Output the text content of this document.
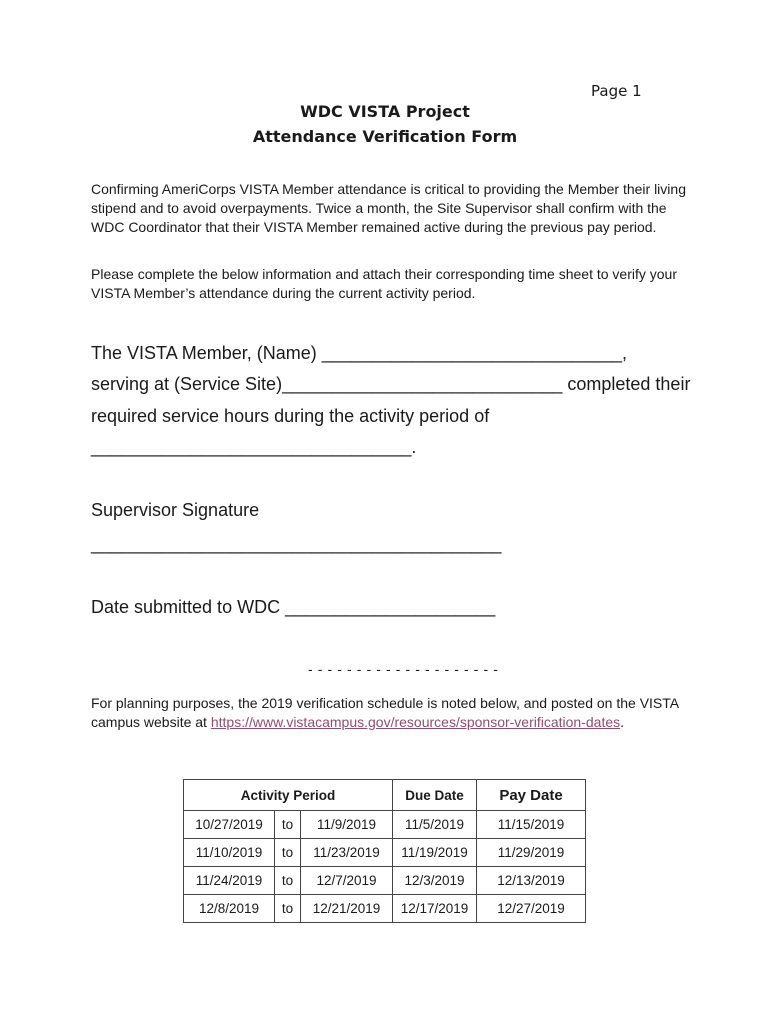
Page 1
WDC VISTA Project
Attendance Verification Form
Confirming AmeriCorps VISTA Member attendance is critical to providing the Member their living stipend and to avoid overpayments. Twice a month, the Site Supervisor shall confirm with the WDC Coordinator that their VISTA Member remained active during the previous pay period.
Please complete the below information and attach their corresponding time sheet to verify your VISTA Member’s attendance during the current activity period.
The VISTA Member, (Name) ______________________________,
serving at (Service Site)____________________________ completed their
required service hours during the activity period of
________________________________.
Supervisor Signature
_________________________________________
Date submitted to WDC _____________________
- - - - - - - - - - - - - - - - - - - -
For planning purposes, the 2019 verification schedule is noted below, and posted on the VISTA campus website at https://www.vistacampus.gov/resources/sponsor-verification-dates.
Activity Period			Due Date	Pay Date
10/27/2019	to	11/9/2019	11/5/2019	11/15/2019
11/10/2019	to	11/23/2019	11/19/2019	11/29/2019
11/24/2019	to	12/7/2019	12/3/2019	12/13/2019
12/8/2019	to	12/21/2019	12/17/2019	12/27/2019
